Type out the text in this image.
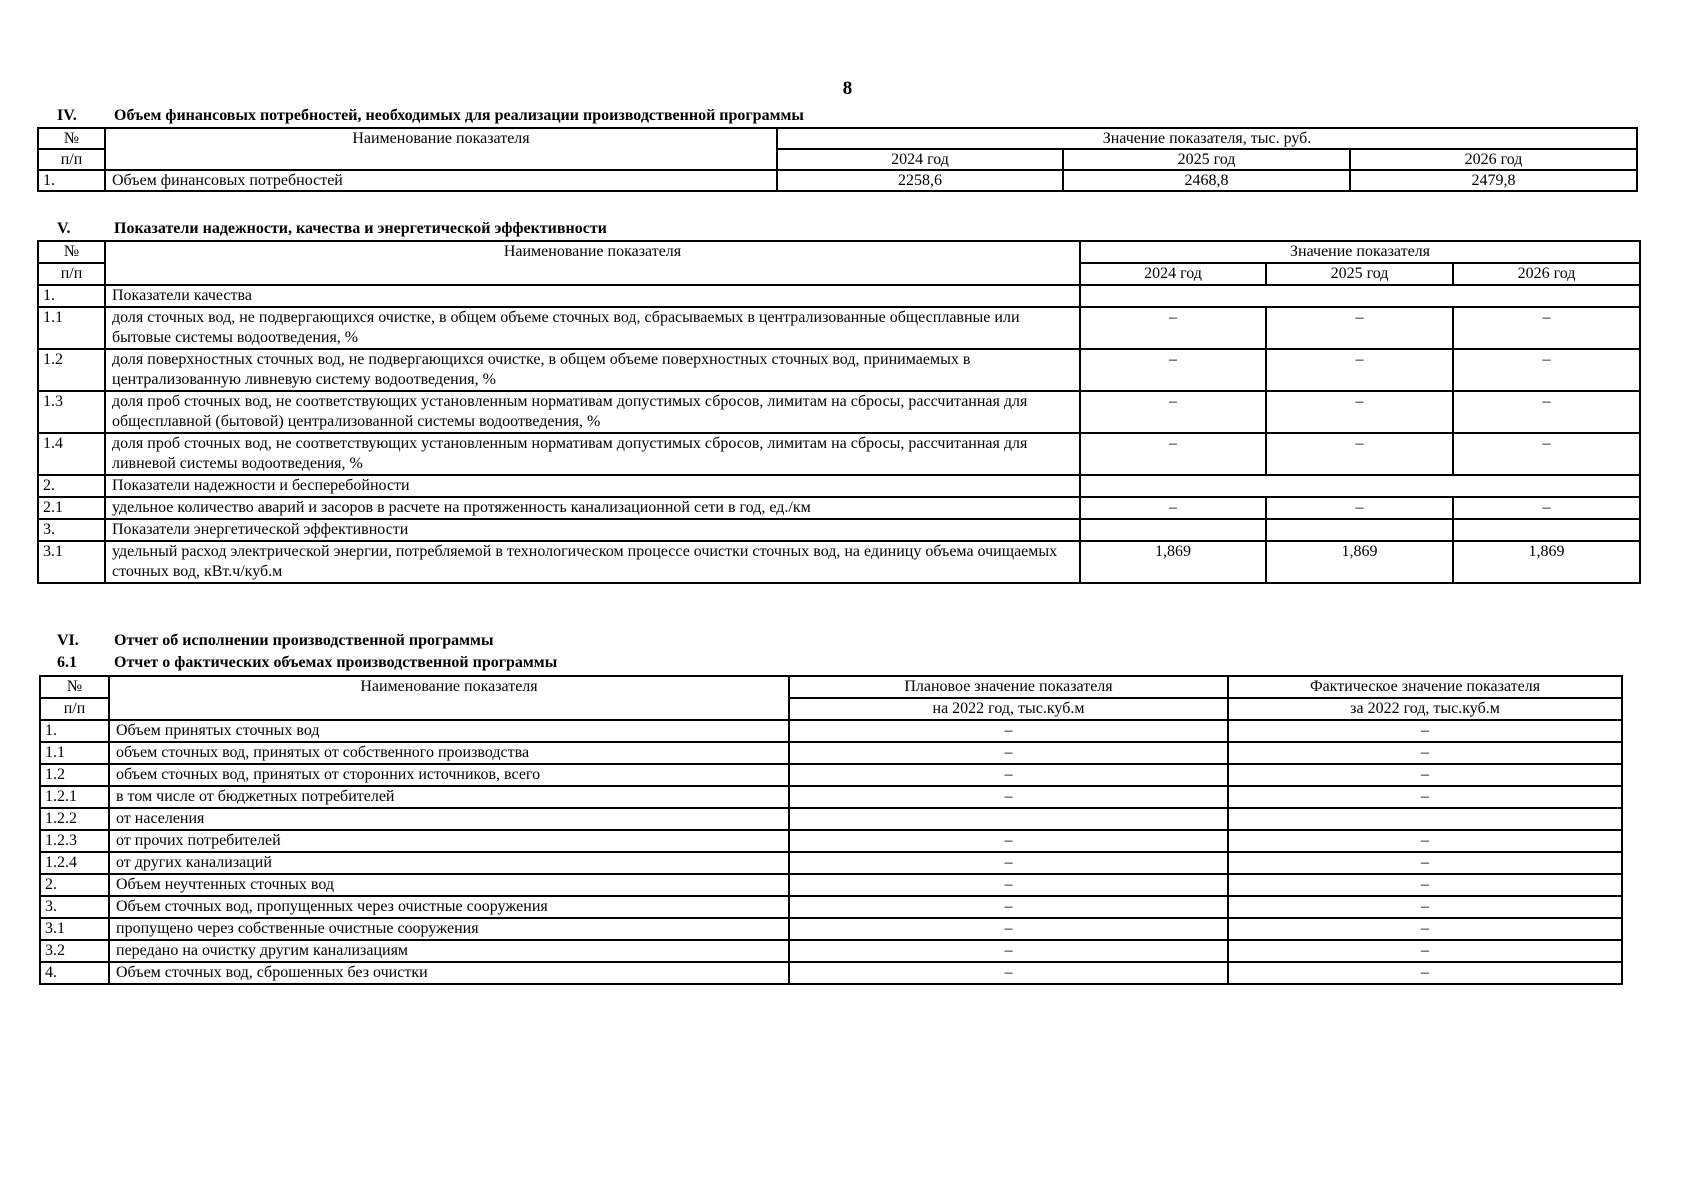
8
IV. Объем финансовых потребностей, необходимых для реализации производственной программы
№	Наименование показателя	Значение показателя, тыс. руб.		
п/п		2024 год	2025 год	2026 год
1.	Объем финансовых потребностей	2258,6	2468,8	2479,8
V.	Показатели надежности, качества и энергетической эффективности
№	Наименование показателя	Значение показателя		
п/п		2024 год	2025 год	2026 год
1.	Показатели качества			
1.1	доля сточных вод, не подвергающихся очистке, в общем объеме сточных вод, сбрасываемых в централизованные общесплавные или бытовые системы водоотведения, %	–	–	–
1.2	доля поверхностных сточных вод, не подвергающихся очистке, в общем объеме поверхностных сточных вод, принимаемых в централизованную ливневую систему водоотведения, %	–	–	–
1.3	доля проб сточных вод, не соответствующих установленным нормативам допустимых сбросов, лимитам на сбросы, рассчитанная для общесплавной (бытовой) централизованной системы водоотведения, %	–	–	–
1.4	доля проб сточных вод, не соответствующих установленным нормативам допустимых сбросов, лимитам на сбросы, рассчитанная для ливневой системы водоотведения, %	–	–	–
2.	Показатели надежности и бесперебойности			
2.1	удельное количество аварий и засоров в расчете на протяженность канализационной сети в год, ед./км	–	–	–
3.	Показатели энергетической эффективности			
3.1	удельный расход электрической энергии, потребляемой в технологическом процессе очистки сточных вод, на единицу объема очищаемых сточных вод, кВт.ч/куб.м	1,869	1,869	1,869
VI. Отчет об исполнении производственной программы
6.1 Отчет о фактических объемах производственной программы
№	Наименование показателя	Плановое значение показателя	Фактическое значение показателя
п/п		на 2022 год, тыс.куб.м	за 2022 год, тыс.куб.м
1.	Объем принятых сточных вод	–	–
1.1	объем сточных вод, принятых от собственного производства	–	–
1.2	объем сточных вод, принятых от сторонних источников, всего	–	–
1.2.1	в том числе от бюджетных потребителей	–	–
1.2.2	от населения		
1.2.3	от прочих потребителей	–	–
1.2.4	от других канализаций	–	–
2.	Объем неучтенных сточных вод	–	–
3.	Объем сточных вод, пропущенных через очистные сооружения	–	–
3.1	пропущено через собственные очистные сооружения	–	–
3.2	передано на очистку другим канализациям	–	–
4.	Объем сточных вод, сброшенных без очистки	–	–
